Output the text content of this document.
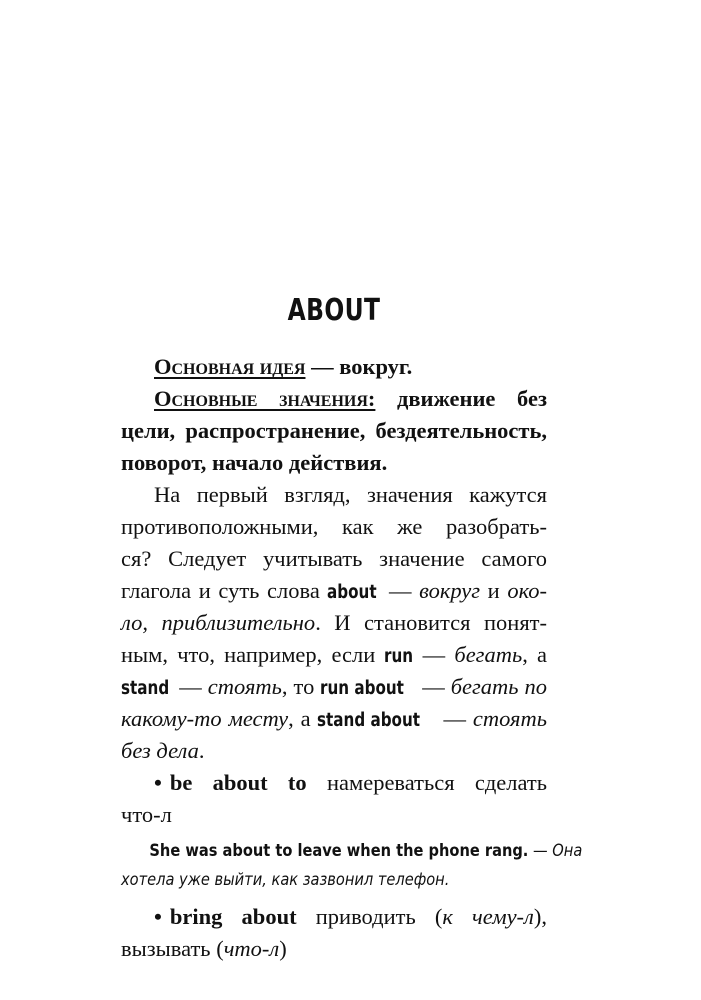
ABOUT
Основная идея — вокруг.
Основные значения: движение без
цели, распространение, бездеятельность,
поворот, начало действия.
На первый взгляд, значения кажутся
противоположными, как же разобрать-
ся? Следует учитывать значение самого
глагола и суть слова about — вокруг и око-
ло, приблизительно. И становится понят-
ным, что, например, если run — бегать, а
stand — стоять, то run about — бегать по
какому-то месту, а stand about — стоять
без дела.
• be about to намереваться сделать
что-л
She was about to leave when the phone rang. — Она
хотела уже выйти, как зазвонил телефон.
• bring about приводить (к чему-л),
вызывать (что-л)
